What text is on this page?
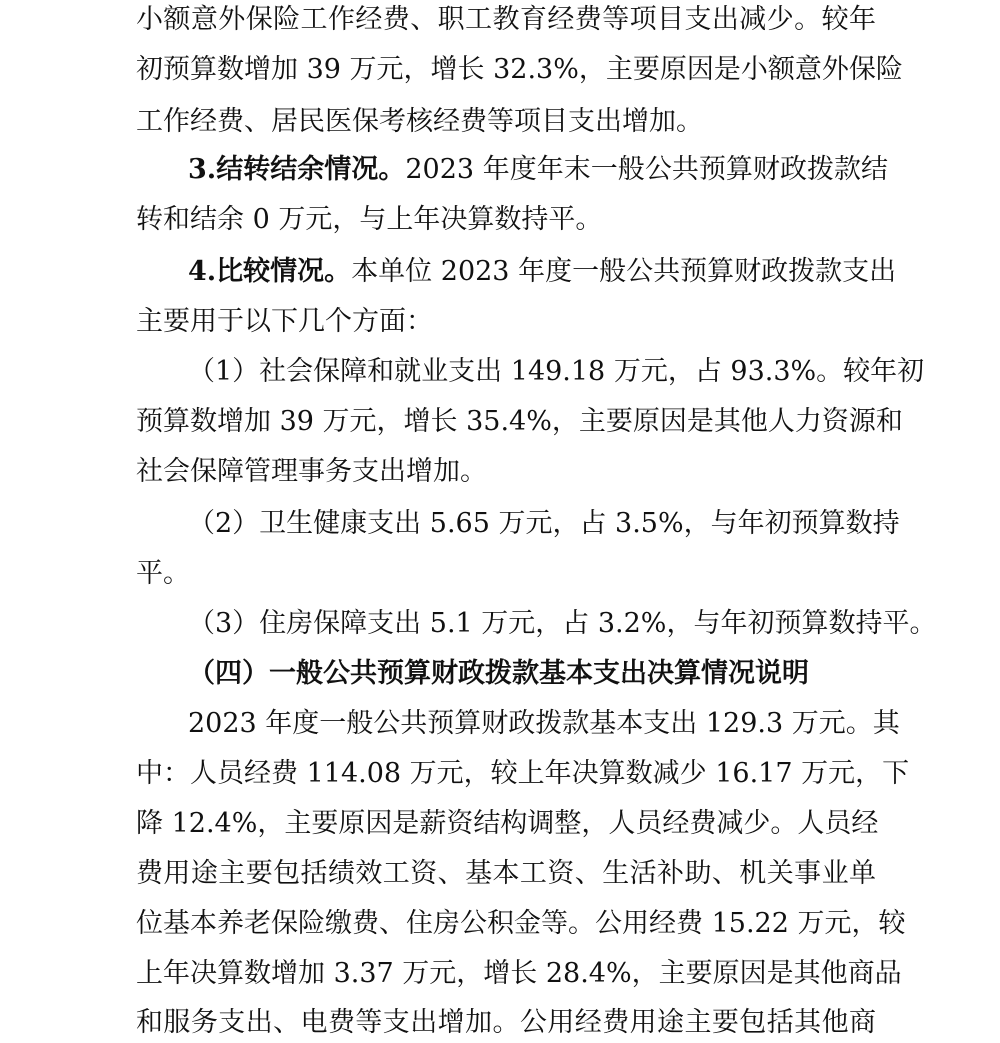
小额意外保险工作经费、职工教育经费等项目支出减少。较年
初预算数增加 39 万元，增长 32.3%，主要原因是小额意外保险
工作经费、居民医保考核经费等项目支出增加。
3.结转结余情况。2023 年度年末一般公共预算财政拨款结
转和结余 0 万元，与上年决算数持平。
4.比较情况。本单位 2023 年度一般公共预算财政拨款支出
主要用于以下几个方面：
（1）社会保障和就业支出 149.18 万元，占 93.3%。较年初
预算数增加 39 万元，增长 35.4%，主要原因是其他人力资源和
社会保障管理事务支出增加。
（2）卫生健康支出 5.65 万元，占 3.5%，与年初预算数持
平。
（3）住房保障支出 5.1 万元，占 3.2%，与年初预算数持平。
（四）一般公共预算财政拨款基本支出决算情况说明
2023 年度一般公共预算财政拨款基本支出 129.3 万元。其
中：人员经费 114.08 万元，较上年决算数减少 16.17 万元，下
降 12.4%，主要原因是薪资结构调整，人员经费减少。人员经
费用途主要包括绩效工资、基本工资、生活补助、机关事业单
位基本养老保险缴费、住房公积金等。公用经费 15.22 万元，较
上年决算数增加 3.37 万元，增长 28.4%，主要原因是其他商品
和服务支出、电费等支出增加。公用经费用途主要包括其他商
